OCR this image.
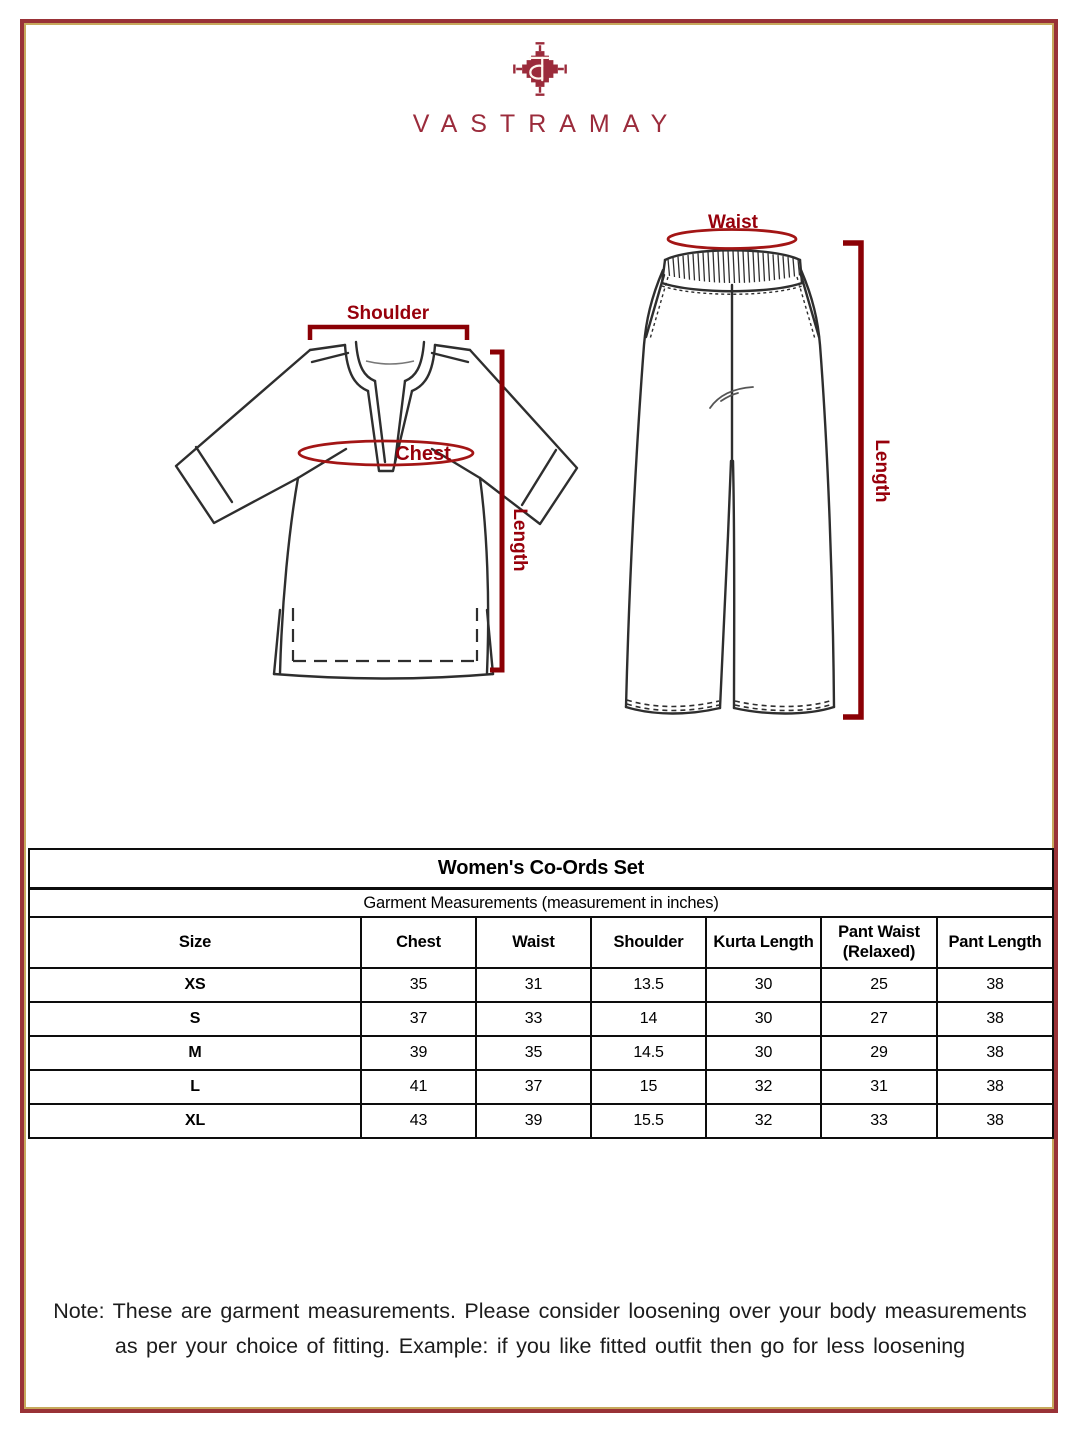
VASTRAMAY
Shoulder
Chest
Length
Waist
Length
Women's Co-Ords Set						
Garment Measurements (measurement in inches)						
Size	Chest	Waist	Shoulder	Kurta Length	Pant Waist (Relaxed)	Pant Length
XS	35	31	13.5	30	25	38
S	37	33	14	30	27	38
M	39	35	14.5	30	29	38
L	41	37	15	32	31	38
XL	43	39	15.5	32	33	38
Note: These are garment measurements. Please consider loosening over your body measurements
as per your choice of fitting. Example: if you like fitted outfit then go for less loosening
